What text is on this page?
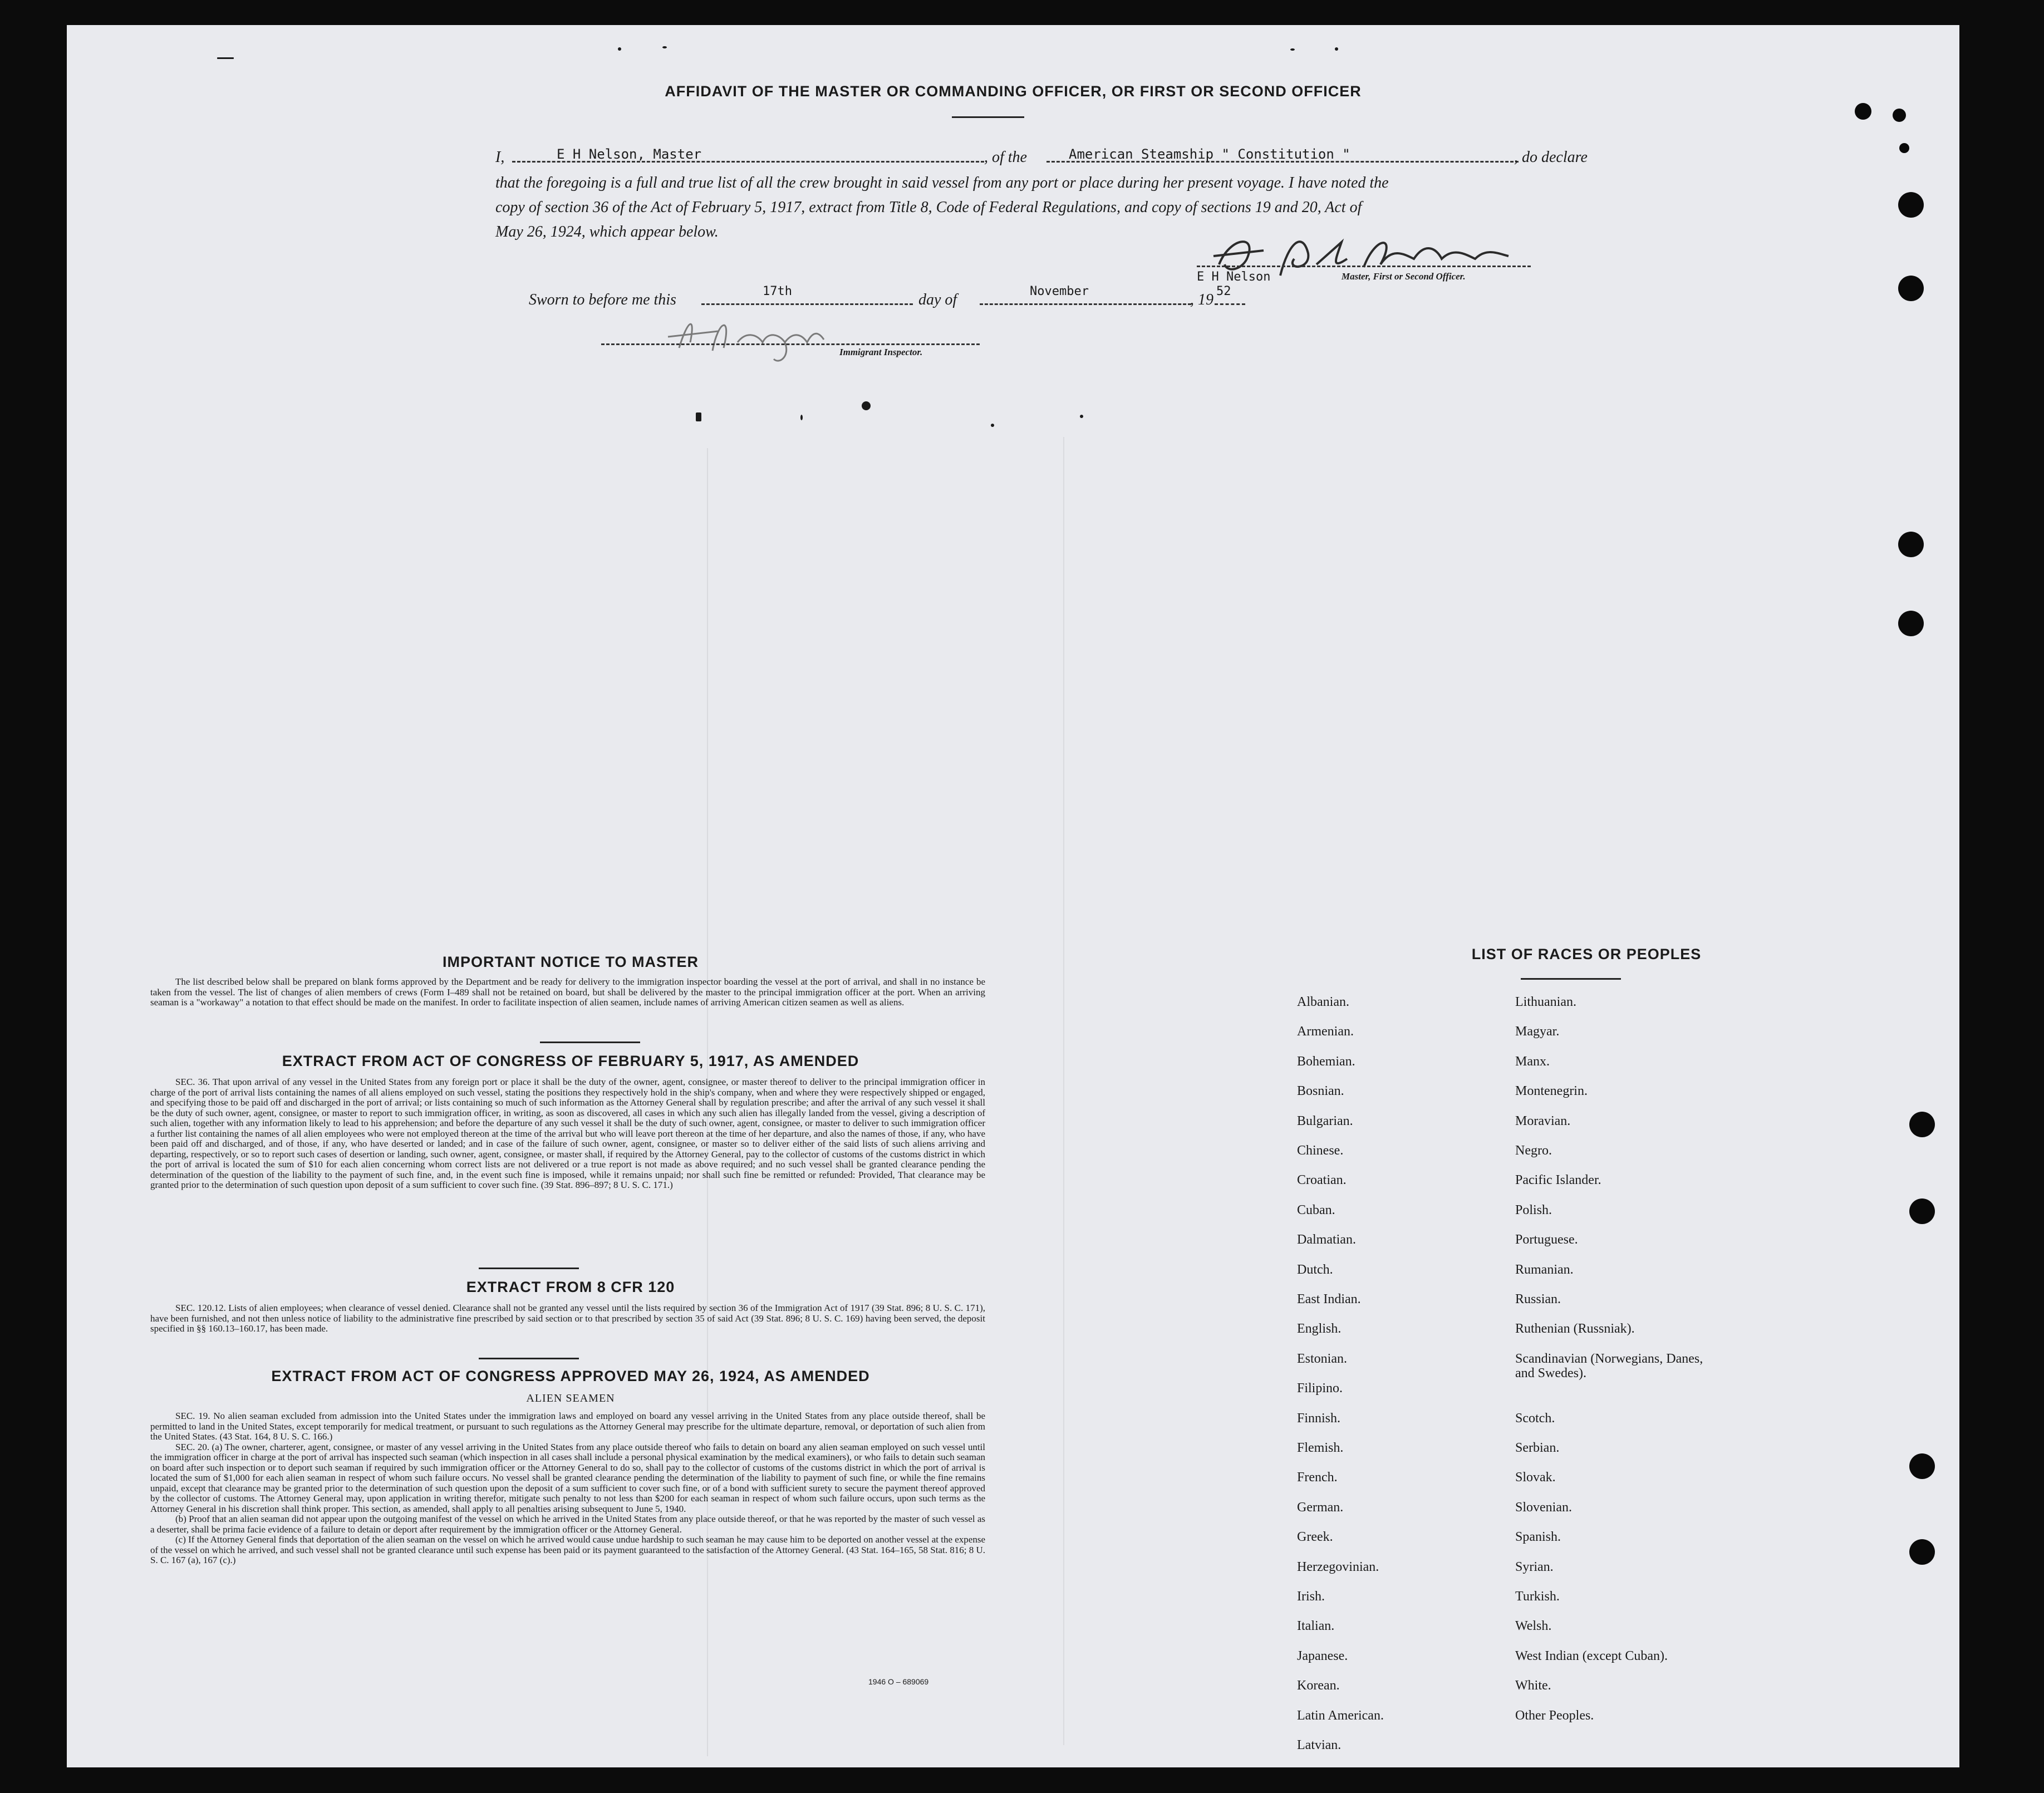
AFFIDAVIT OF THE MASTER OR COMMANDING OFFICER, OR FIRST OR SECOND OFFICER
I,	E H Nelson, Master	, of the	American Steamship " Constitution "	, do declare
that the foregoing is a full and true list of all the crew brought in said vessel from any port or place during her present voyage. I have noted the
copy of section 36 of the Act of February 5, 1917, extract from Title 8, Code of Federal Regulations, and copy of sections 19 and 20, Act of
May 26, 1924, which appear below.
E H Nelson	Master, First or Second Officer.
Sworn to before me this	17th	day of	November	, 19 52
Immigrant Inspector.
IMPORTANT NOTICE TO MASTER

The list described below shall be prepared on blank forms approved by the Department and be ready for delivery to the immigration inspector boarding the vessel at the port of arrival, and shall in no instance be taken from the vessel. The list of changes of alien members of crews (Form I–489 shall not be retained on board, but shall be delivered by the master to the principal immigration officer at the port. When an arriving seaman is a "workaway" a notation to that effect should be made on the manifest. In order to facilitate inspection of alien seamen, include names of arriving American citizen seamen as well as aliens.

EXTRACT FROM ACT OF CONGRESS OF FEBRUARY 5, 1917, AS AMENDED

SEC. 36. That upon arrival of any vessel in the United States from any foreign port or place it shall be the duty of the owner, agent, consignee, or master thereof to deliver to the principal immigration officer in charge of the port of arrival lists containing the names of all aliens employed on such vessel, stating the positions they respectively hold in the ship's company, when and where they were respectively shipped or engaged, and specifying those to be paid off and discharged in the port of arrival; or lists containing so much of such information as the Attorney General shall by regulation prescribe; and after the arrival of any such vessel it shall be the duty of such owner, agent, consignee, or master to report to such immigration officer, in writing, as soon as discovered, all cases in which any such alien has illegally landed from the vessel, giving a description of such alien, together with any information likely to lead to his apprehension; and before the departure of any such vessel it shall be the duty of such owner, agent, consignee, or master to deliver to such immigration officer a further list containing the names of all alien employees who were not employed thereon at the time of the arrival but who will leave port thereon at the time of her departure, and also the names of those, if any, who have been paid off and discharged, and of those, if any, who have deserted or landed; and in case of the failure of such owner, agent, consignee, or master so to deliver either of the said lists of such aliens arriving and departing, respectively, or so to report such cases of desertion or landing, such owner, agent, consignee, or master shall, if required by the Attorney General, pay to the collector of customs of the customs district in which the port of arrival is located the sum of $10 for each alien concerning whom correct lists are not delivered or a true report is not made as above required; and no such vessel shall be granted clearance pending the determination of the question of the liability to the payment of such fine, and, in the event such fine is imposed, while it remains unpaid; nor shall such fine be remitted or refunded: Provided, That clearance may be granted prior to the determination of such question upon deposit of a sum sufficient to cover such fine. (39 Stat. 896–897; 8 U. S. C. 171.)

EXTRACT FROM 8 CFR 120

SEC. 120.12. Lists of alien employees; when clearance of vessel denied. Clearance shall not be granted any vessel until the lists required by section 36 of the Immigration Act of 1917 (39 Stat. 896; 8 U. S. C. 171), have been furnished, and not then unless notice of liability to the administrative fine prescribed by said section or to that prescribed by section 35 of said Act (39 Stat. 896; 8 U. S. C. 169) having been served, the deposit specified in §§ 160.13–160.17, has been made.

EXTRACT FROM ACT OF CONGRESS APPROVED MAY 26, 1924, AS AMENDED
ALIEN SEAMEN

SEC. 19. No alien seaman excluded from admission into the United States under the immigration laws and employed on board any vessel arriving in the United States from any place outside thereof, shall be permitted to land in the United States, except temporarily for medical treatment, or pursuant to such regulations as the Attorney General may prescribe for the ultimate departure, removal, or deportation of such alien from the United States. (43 Stat. 164, 8 U. S. C. 166.)

SEC. 20. (a) The owner, charterer, agent, consignee, or master of any vessel arriving in the United States from any place outside thereof who fails to detain on board any alien seaman employed on such vessel until the immigration officer in charge at the port of arrival has inspected such seaman (which inspection in all cases shall include a personal physical examination by the medical examiners), or who fails to detain such seaman on board after such inspection or to deport such seaman if required by such immigration officer or the Attorney General to do so, shall pay to the collector of customs of the customs district in which the port of arrival is located the sum of $1,000 for each alien seaman in respect of whom such failure occurs. No vessel shall be granted clearance pending the determination of the liability to payment of such fine, or while the fine remains unpaid, except that clearance may be granted prior to the determination of such question upon the deposit of a sum sufficient to cover such fine, or of a bond with sufficient surety to secure the payment thereof approved by the collector of customs. The Attorney General may, upon application in writing therefor, mitigate such penalty to not less than $200 for each seaman in respect of whom such failure occurs, upon such terms as the Attorney General in his discretion shall think proper. This section, as amended, shall apply to all penalties arising subsequent to June 5, 1940.

(b) Proof that an alien seaman did not appear upon the outgoing manifest of the vessel on which he arrived in the United States from any place outside thereof, or that he was reported by the master of such vessel as a deserter, shall be prima facie evidence of a failure to detain or deport after requirement by the immigration officer or the Attorney General.

(c) If the Attorney General finds that deportation of the alien seaman on the vessel on which he arrived would cause undue hardship to such seaman he may cause him to be deported on another vessel at the expense of the vessel on which he arrived, and such vessel shall not be granted clearance until such expense has been paid or its payment guaranteed to the satisfaction of the Attorney General. (43 Stat. 164–165, 58 Stat. 816; 8 U. S. C. 167 (a), 167 (c).)

1946 O – 689069
LIST OF RACES OR PEOPLES
Albanian.
Armenian.
Bohemian.
Bosnian.
Bulgarian.
Chinese.
Croatian.
Cuban.
Dalmatian.
Dutch.
East Indian.
English.
Estonian.
Filipino.
Finnish.
Flemish.
French.
German.
Greek.
Herzegovinian.
Irish.
Italian.
Japanese.
Korean.
Latin American.
Latvian.
Lithuanian.
Magyar.
Manx.
Montenegrin.
Moravian.
Negro.
Pacific Islander.
Polish.
Portuguese.
Rumanian.
Russian.
Ruthenian (Russniak).
Scandinavian (Norwegians, Danes, and Swedes).
Scotch.
Serbian.
Slovak.
Slovenian.
Spanish.
Syrian.
Turkish.
Welsh.
West Indian (except Cuban).
White.
Other Peoples.
